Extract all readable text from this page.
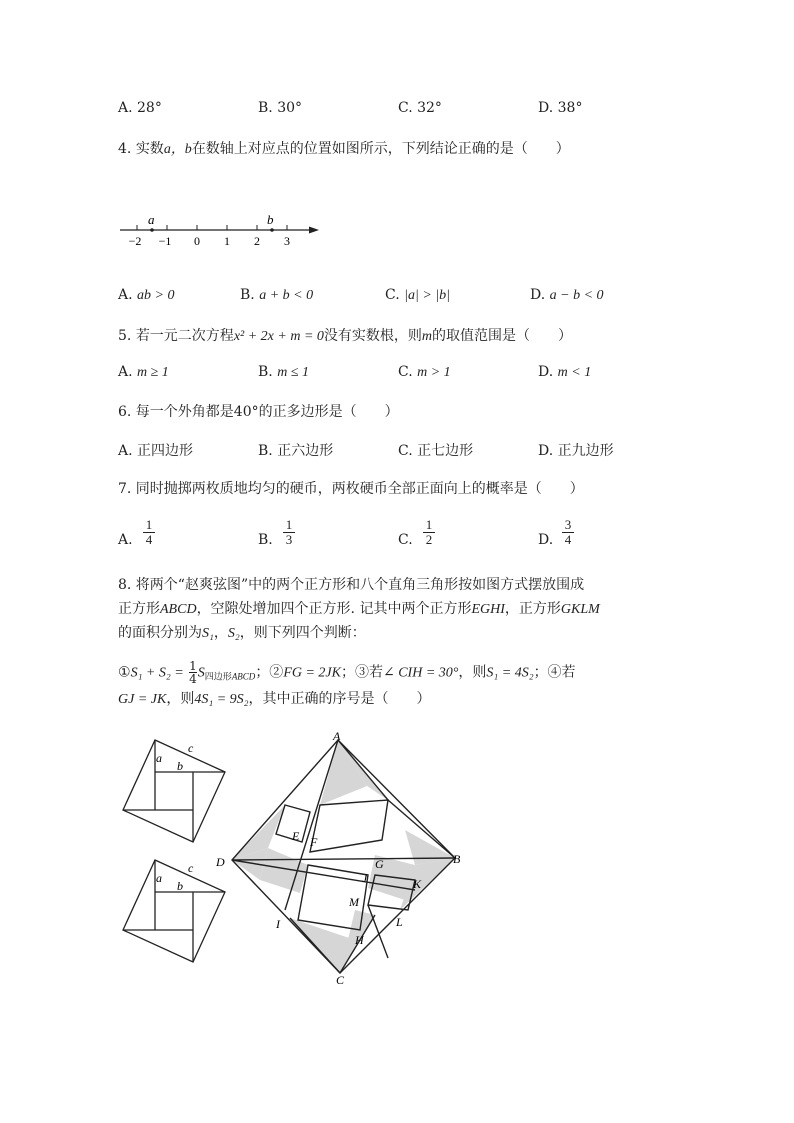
A. 28°	B. 30°	C. 32°	D. 38°
4. 实数a，b在数轴上对应点的位置如图所示，下列结论正确的是（　　）
a	b
−2 −1 0 1 2 3
A. ab > 0	B. a + b < 0	C. |a| > |b|	D. a − b < 0
5. 若一元二次方程x² + 2x + m = 0没有实数根，则m的取值范围是（　　）
A. m ≥ 1	B. m ≤ 1	C. m > 1	D. m < 1
6. 每一个外角都是40°的正多边形是（　　）
A. 正四边形	B. 正六边形	C. 正七边形	D. 正九边形
7. 同时抛掷两枚质地均匀的硬币，两枚硬币全部正面向上的概率是（　　）
A. $\frac{1}{4}$	B. $\frac{1}{3}$	C. $\frac{1}{2}$	D. $\frac{3}{4}$
8. 将两个“赵爽弦图”中的两个正方形和八个直角三角形按如图方式摆放围成
正方形ABCD，空隙处增加四个正方形. 记其中两个正方形EGHI，正方形GKLM
的面积分别为S₁，S₂，则下列四个判断：
①S₁ + $S_2 = \frac{1}{4} S_{四边形ABCD}$；②FG = 2JK；③若∠ CIH = 30°，则S₁ = 4S₂；④若
GJ = JK，则4S₁ = 9S₂，其中正确的序号是（　　）
a
b
c
a
b
c
A
B
C
D
E F
G
H
I
J	K
L
M
